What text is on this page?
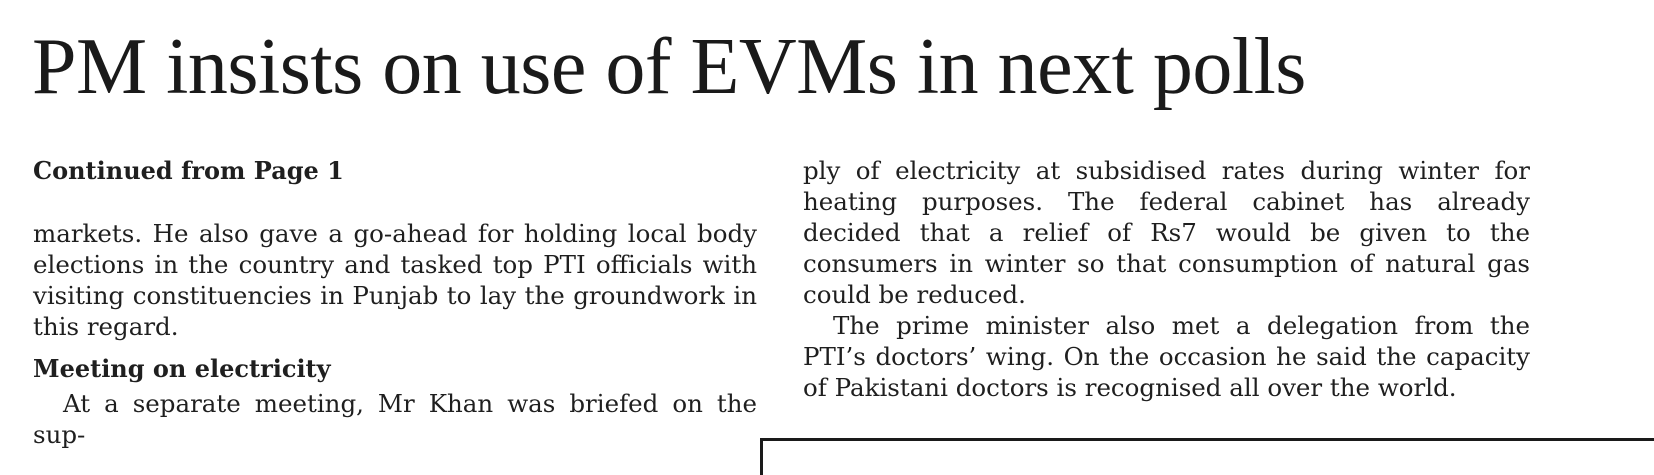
PM insists on use of EVMs in next polls

Continued from Page 1

markets. He also gave a go-ahead for holding local body elections in the country and tasked top PTI officials with visiting constituencies in Punjab to lay the groundwork in this regard.

Meeting on electricity

At a separate meeting, Mr Khan was briefed on the sup-

ply of electricity at subsidised rates during winter for heating purposes. The federal cabinet has already decided that a relief of Rs7 would be given to the consumers in winter so that consumption of natural gas could be reduced.

The prime minister also met a delegation from the PTI’s doctors’ wing. On the occasion he said the capacity of Pakistani doctors is recognised all over the world.
